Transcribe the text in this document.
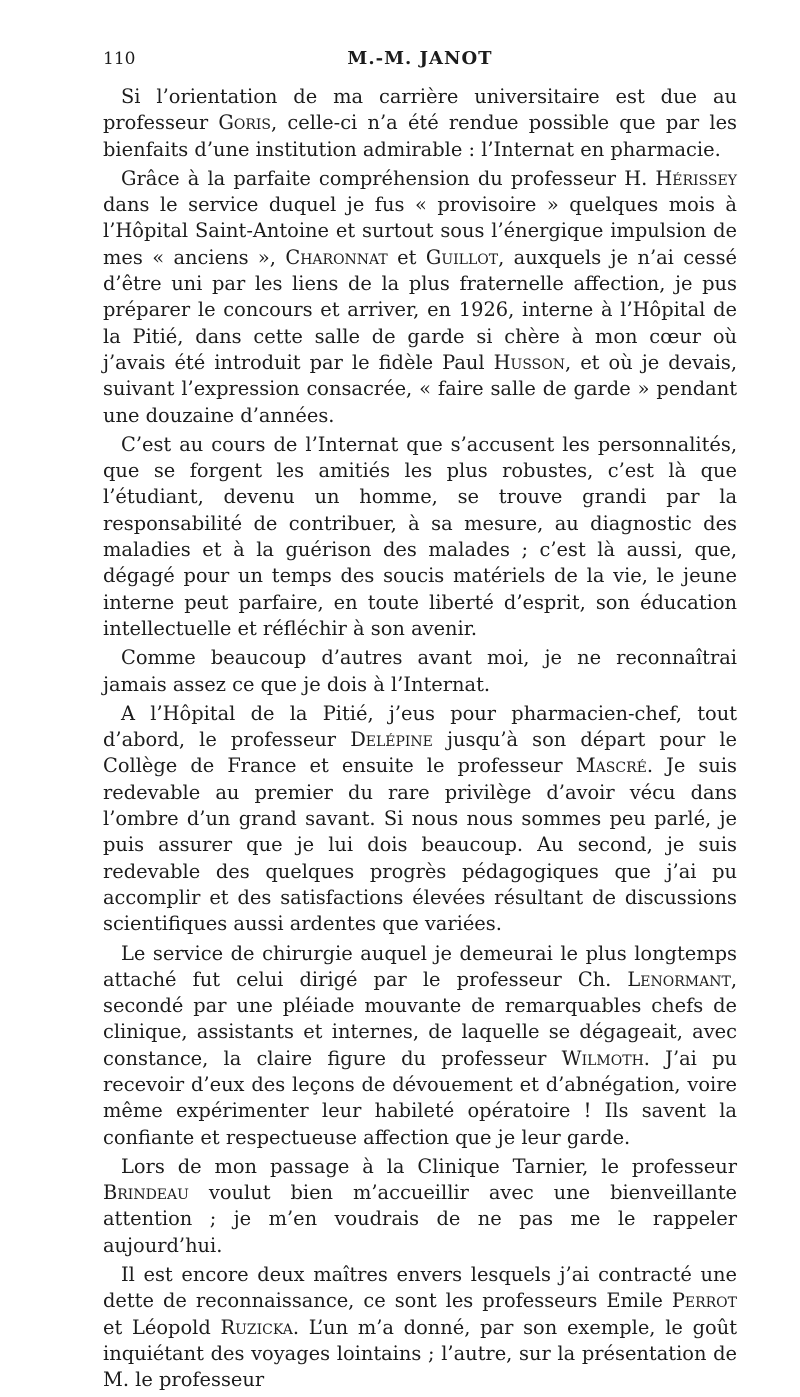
110	M.-M. JANOT

Si l’orientation de ma carrière universitaire est due au professeur Goris, celle-ci n’a été rendue possible que par les bienfaits d’une institution admirable : l’Internat en pharmacie.

Grâce à la parfaite compréhension du professeur H. Hérissey dans le service duquel je fus « provisoire » quelques mois à l’Hôpital Saint-Antoine et surtout sous l’énergique impulsion de mes « anciens », Charonnat et Guillot, auxquels je n’ai cessé d’être uni par les liens de la plus fraternelle affection, je pus préparer le concours et arriver, en 1926, interne à l’Hôpital de la Pitié, dans cette salle de garde si chère à mon cœur où j’avais été introduit par le fidèle Paul Husson, et où je devais, suivant l’expression consacrée, « faire salle de garde » pendant une douzaine d’années.

C’est au cours de l’Internat que s’accusent les personnalités, que se forgent les amitiés les plus robustes, c’est là que l’étudiant, devenu un homme, se trouve grandi par la responsabilité de contribuer, à sa mesure, au diagnostic des maladies et à la guérison des malades ; c’est là aussi, que, dégagé pour un temps des soucis matériels de la vie, le jeune interne peut parfaire, en toute liberté d’esprit, son éducation intellectuelle et réfléchir à son avenir.

Comme beaucoup d’autres avant moi, je ne reconnaîtrai jamais assez ce que je dois à l’Internat.

A l’Hôpital de la Pitié, j’eus pour pharmacien-chef, tout d’abord, le professeur Delépine jusqu’à son départ pour le Collège de France et ensuite le professeur Mascré. Je suis redevable au premier du rare privilège d’avoir vécu dans l’ombre d’un grand savant. Si nous nous sommes peu parlé, je puis assurer que je lui dois beaucoup. Au second, je suis redevable des quelques progrès pédagogiques que j’ai pu accomplir et des satisfactions élevées résultant de discussions scientifiques aussi ardentes que variées.

Le service de chirurgie auquel je demeurai le plus longtemps attaché fut celui dirigé par le professeur Ch. Lenormant, secondé par une pléiade mouvante de remarquables chefs de clinique, assistants et internes, de laquelle se dégageait, avec constance, la claire figure du professeur Wilmoth. J’ai pu recevoir d’eux des leçons de dévouement et d’abnégation, voire même expérimenter leur habileté opératoire ! Ils savent la confiante et respectueuse affection que je leur garde.

Lors de mon passage à la Clinique Tarnier, le professeur Brindeau voulut bien m’accueillir avec une bienveillante attention ; je m’en voudrais de ne pas me le rappeler aujourd’hui.

Il est encore deux maîtres envers lesquels j’ai contracté une dette de reconnaissance, ce sont les professeurs Emile Perrot et Léopold Ruzicka. L’un m’a donné, par son exemple, le goût inquiétant des voyages lointains ; l’autre, sur la présentation de M. le professeur
